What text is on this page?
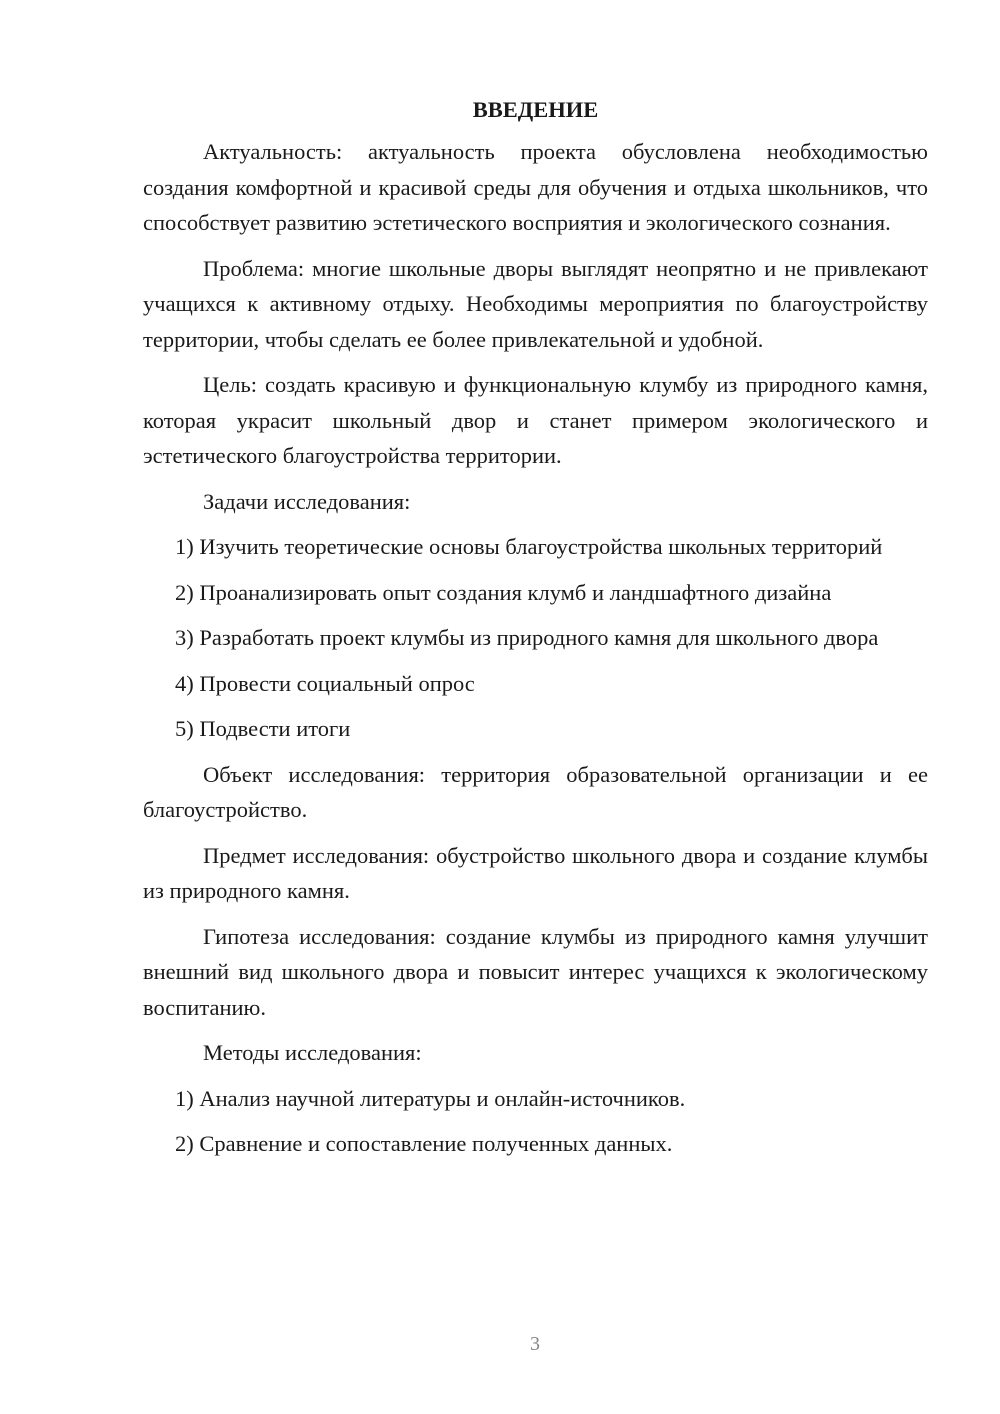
ВВЕДЕНИЕ

Актуальность: актуальность проекта обусловлена необходимостью создания комфортной и красивой среды для обучения и отдыха школьников, что способствует развитию эстетического восприятия и экологического сознания.

Проблема: многие школьные дворы выглядят неопрятно и не привлекают учащихся к активному отдыху. Необходимы мероприятия по благоустройству территории, чтобы сделать ее более привлекательной и удобной.

Цель: создать красивую и функциональную клумбу из природного камня, которая украсит школьный двор и станет примером экологического и эстетического благоустройства территории.

Задачи исследования:

1) Изучить теоретические основы благоустройства школьных территорий

2) Проанализировать опыт создания клумб и ландшафтного дизайна

3) Разработать проект клумбы из природного камня для школьного двора

4) Провести социальный опрос

5) Подвести итоги

Объект исследования: территория образовательной организации и ее благоустройство.

Предмет исследования: обустройство школьного двора и создание клумбы из природного камня.

Гипотеза исследования: создание клумбы из природного камня улучшит внешний вид школьного двора и повысит интерес учащихся к экологическому воспитанию.

Методы исследования:

1) Анализ научной литературы и онлайн-источников.

2) Сравнение и сопоставление полученных данных.

3
